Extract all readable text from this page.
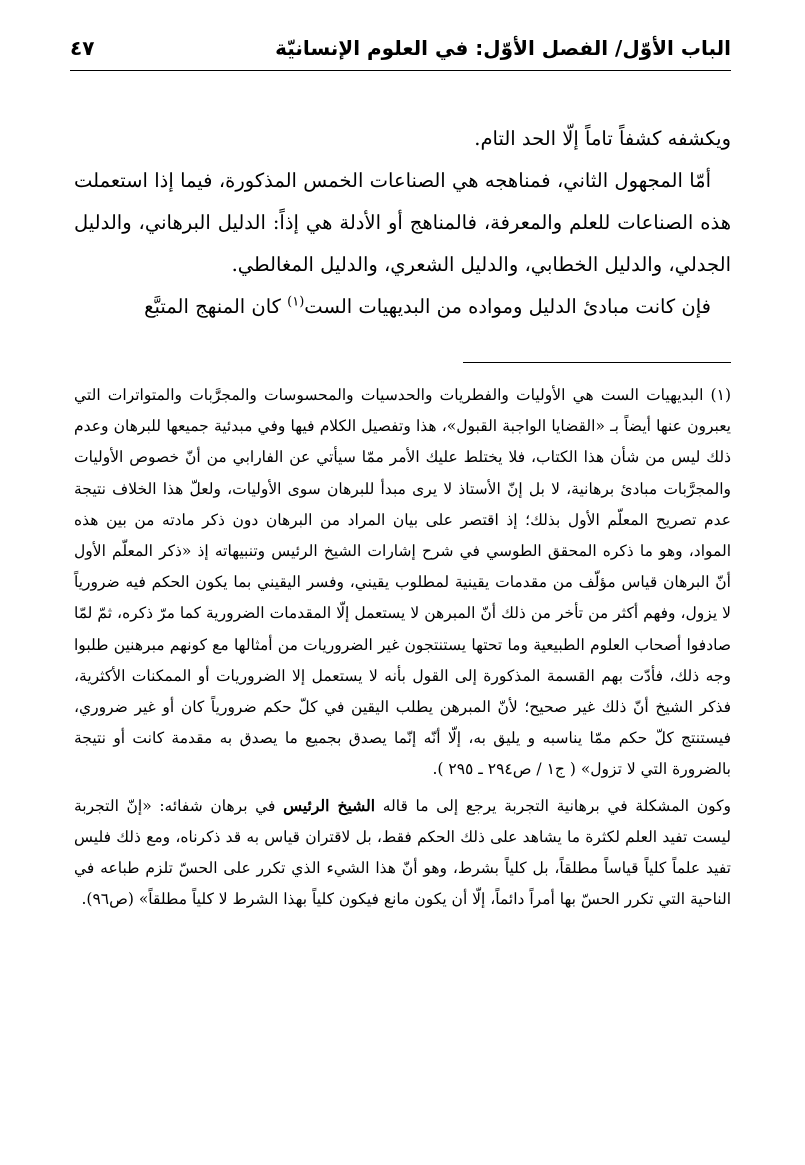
الباب الأوّل/ الفصل الأوّل: في العلوم الإنسانيّة
٤٧

ويكشفه كشفاً تاماً إلّا الحد التام.

أمّا المجهول الثاني، فمناهجه هي الصناعات الخمس المذكورة، فيما إذا استعملت هذه الصناعات للعلم والمعرفة، فالمناهج أو الأدلة هي إذاً: الدليل البرهاني، والدليل الجدلي، والدليل الخطابي، والدليل الشعري، والدليل المغالطي.

فإن كانت مبادئ الدليل ومواده من البديهيات الست$^{(١)}$ كان المنهج المتبَّع

(١) البديهيات الست هي الأوليات والفطريات والحدسيات والمحسوسات والمجرَّبات والمتواترات التي يعبرون عنها أيضاً بـ «القضايا الواجبة القبول»، هذا وتفصيل الكلام فيها وفي مبدئية جميعها للبرهان وعدم ذلك ليس من شأن هذا الكتاب، فلا يختلط عليك الأمر ممّا سيأتي عن الفارابي من أنّ خصوص الأوليات والمجرَّبات مبادئ برهانية، لا بل إنّ الأستاذ لا يرى مبدأ للبرهان سوى الأوليات، ولعلّ هذا الخلاف نتيجة عدم تصريح المعلّم الأول بذلك؛ إذ اقتصر على بيان المراد من البرهان دون ذكر مادته من بين هذه المواد، وهو ما ذكره المحقق الطوسي في شرح إشارات الشيخ الرئيس وتنبيهاته إذ «ذكر المعلّم الأول أنّ البرهان قياس مؤلّف من مقدمات يقينية لمطلوب يقيني، وفسر اليقيني بما يكون الحكم فيه ضرورياً لا يزول، وفهم أكثر من تأخر من ذلك أنّ المبرهن لا يستعمل إلّا المقدمات الضرورية كما مرّ ذكره، ثمّ لمّا صادفوا أصحاب العلوم الطبيعية وما تحتها يستنتجون غير الضروريات من أمثالها مع كونهم مبرهنين طلبوا وجه ذلك، فأدّت بهم القسمة المذكورة إلى القول بأنه لا يستعمل إلا الضروريات أو الممكنات الأكثرية، فذكر الشيخ أنّ ذلك غير صحيح؛ لأنّ المبرهن يطلب اليقين في كلّ حكم ضرورياً كان أو غير ضروري، فيستنتج كلّ حكم ممّا يناسبه و يليق به، إلّا أنّه إنّما يصدق بجميع ما يصدق به مقدمة كانت أو نتيجة بالضرورة التي لا تزول» ( ج١ / ص٢٩٤ ـ ٢٩٥ ).

وكون المشكلة في برهانية التجربة يرجع إلى ما قاله الشيخ الرئيس في برهان شفائه: «إنّ التجربة ليست تفيد العلم لكثرة ما يشاهد على ذلك الحكم فقط، بل لاقتران قياس به قد ذكرناه، ومع ذلك فليس تفيد علماً كلياً قياساً مطلقاً، بل كلياً بشرط، وهو أنّ هذا الشيء الذي تكرر على الحسّ تلزم طباعه في الناحية التي تكرر الحسّ بها أمراً دائماً، إلّا أن يكون مانع فيكون كلياً بهذا الشرط لا كلياً مطلقاً» (ص٩٦).
